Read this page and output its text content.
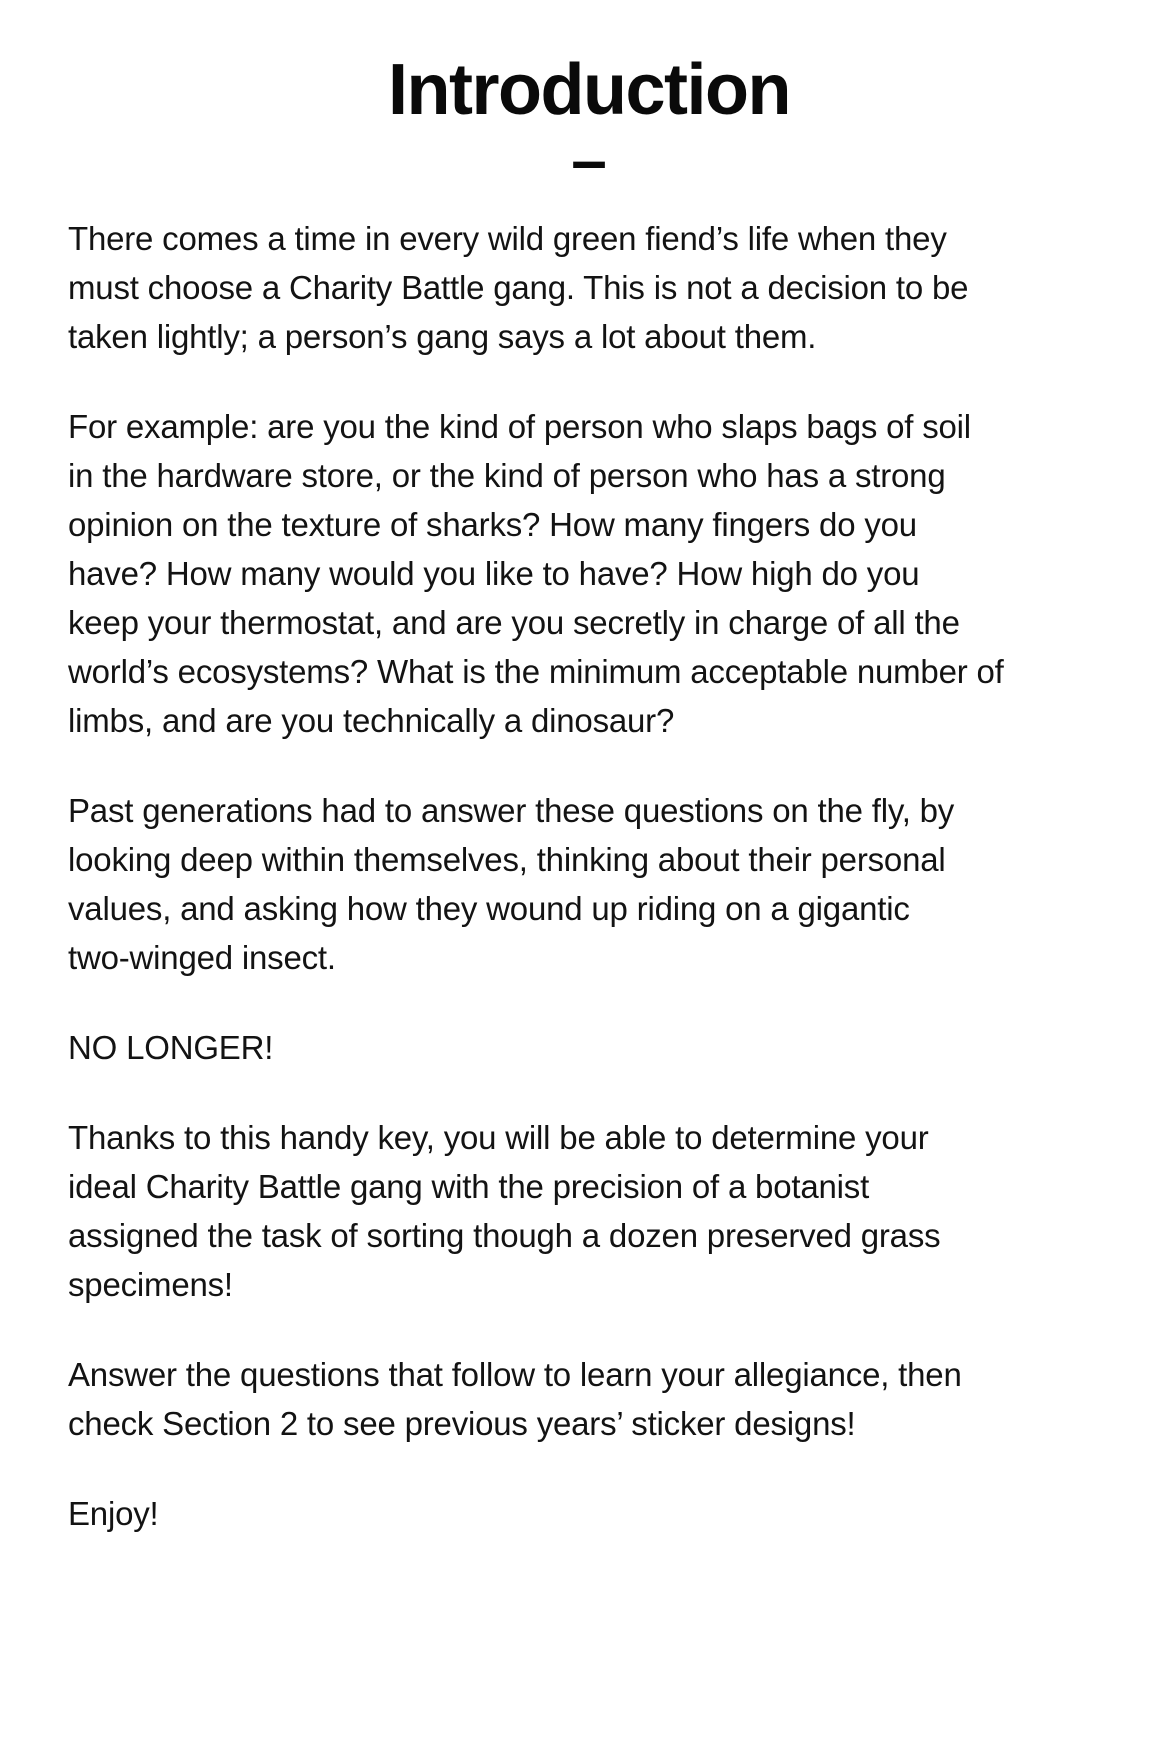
Introduction
–

There comes a time in every wild green fiend’s life when they
must choose a Charity Battle gang. This is not a decision to be
taken lightly; a person’s gang says a lot about them.

For example: are you the kind of person who slaps bags of soil
in the hardware store, or the kind of person who has a strong
opinion on the texture of sharks? How many fingers do you
have? How many would you like to have? How high do you
keep your thermostat, and are you secretly in charge of all the
world’s ecosystems? What is the minimum acceptable number of
limbs, and are you technically a dinosaur?

Past generations had to answer these questions on the fly, by
looking deep within themselves, thinking about their personal
values, and asking how they wound up riding on a gigantic
two-winged insect.

NO LONGER!

Thanks to this handy key, you will be able to determine your
ideal Charity Battle gang with the precision of a botanist
assigned the task of sorting though a dozen preserved grass
specimens!

Answer the questions that follow to learn your allegiance, then
check Section 2 to see previous years’ sticker designs!

Enjoy!
